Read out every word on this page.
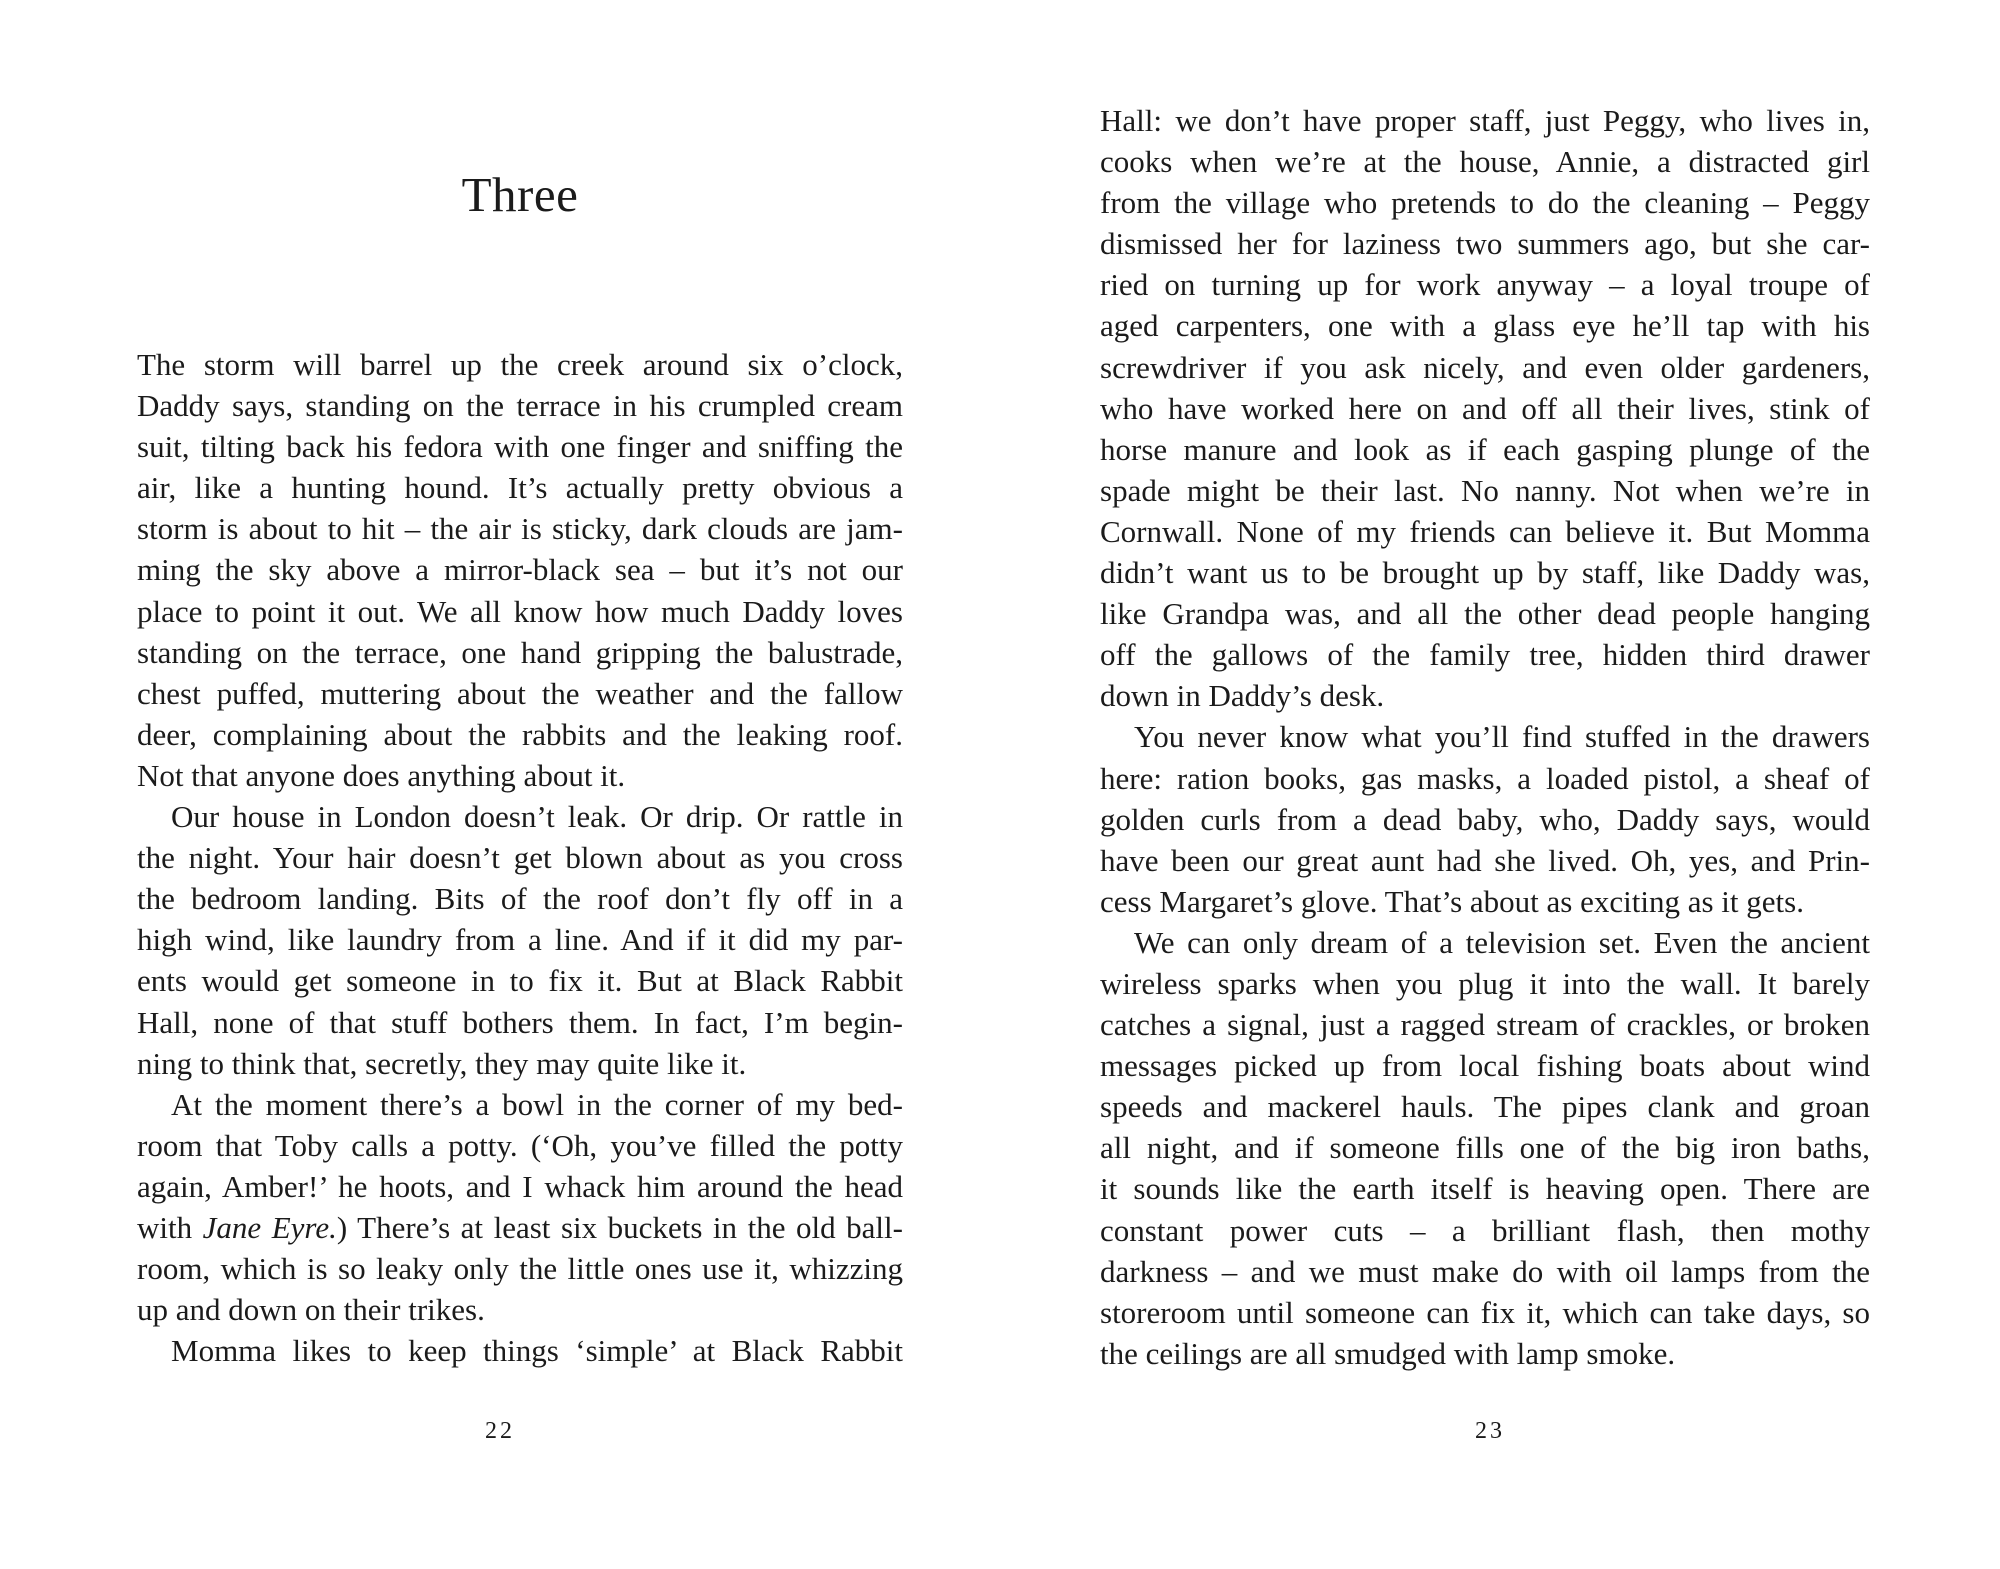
Three

The storm will barrel up the creek around six o’clock,
Daddy says, standing on the terrace in his crumpled cream
suit, tilting back his fedora with one finger and sniffing the
air, like a hunting hound. It’s actually pretty obvious a
storm is about to hit – the air is sticky, dark clouds are jam-
ming the sky above a mirror-black sea – but it’s not our
place to point it out. We all know how much Daddy loves
standing on the terrace, one hand gripping the balustrade,
chest puffed, muttering about the weather and the fallow
deer, complaining about the rabbits and the leaking roof.
Not that anyone does anything about it.

Our house in London doesn’t leak. Or drip. Or rattle in
the night. Your hair doesn’t get blown about as you cross
the bedroom landing. Bits of the roof don’t fly off in a
high wind, like laundry from a line. And if it did my par-
ents would get someone in to fix it. But at Black Rabbit
Hall, none of that stuff bothers them. In fact, I’m begin-
ning to think that, secretly, they may quite like it.

At the moment there’s a bowl in the corner of my bed-
room that Toby calls a potty. (‘Oh, you’ve filled the potty
again, Amber!’ he hoots, and I whack him around the head
with Jane Eyre.) There’s at least six buckets in the old ball-
room, which is so leaky only the little ones use it, whizzing
up and down on their trikes.

Momma likes to keep things ‘simple’ at Black Rabbit

22

Hall: we don’t have proper staff, just Peggy, who lives in,
cooks when we’re at the house, Annie, a distracted girl
from the village who pretends to do the cleaning – Peggy
dismissed her for laziness two summers ago, but she car-
ried on turning up for work anyway – a loyal troupe of
aged carpenters, one with a glass eye he’ll tap with his
screwdriver if you ask nicely, and even older gardeners,
who have worked here on and off all their lives, stink of
horse manure and look as if each gasping plunge of the
spade might be their last. No nanny. Not when we’re in
Cornwall. None of my friends can believe it. But Momma
didn’t want us to be brought up by staff, like Daddy was,
like Grandpa was, and all the other dead people hanging
off the gallows of the family tree, hidden third drawer
down in Daddy’s desk.

You never know what you’ll find stuffed in the drawers
here: ration books, gas masks, a loaded pistol, a sheaf of
golden curls from a dead baby, who, Daddy says, would
have been our great aunt had she lived. Oh, yes, and Prin-
cess Margaret’s glove. That’s about as exciting as it gets.

We can only dream of a television set. Even the ancient
wireless sparks when you plug it into the wall. It barely
catches a signal, just a ragged stream of crackles, or broken
messages picked up from local fishing boats about wind
speeds and mackerel hauls. The pipes clank and groan
all night, and if someone fills one of the big iron baths,
it sounds like the earth itself is heaving open. There are
constant power cuts – a brilliant flash, then mothy
darkness – and we must make do with oil lamps from the
storeroom until someone can fix it, which can take days, so
the ceilings are all smudged with lamp smoke.

23
